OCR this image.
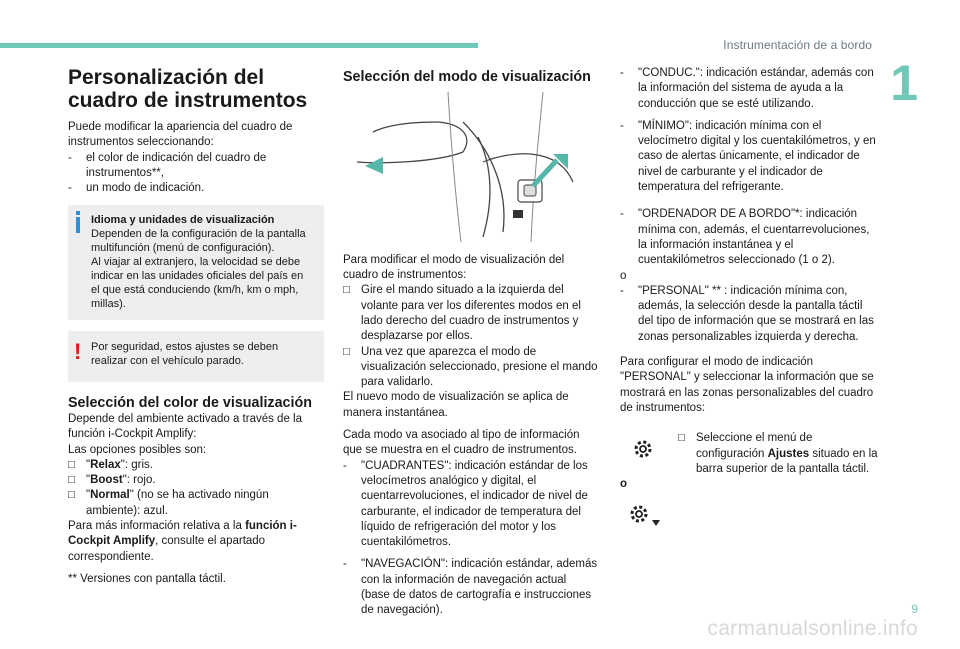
Instrumentación de a bordo
1
Personalización del cuadro de instrumentos

Puede modificar la apariencia del cuadro de instrumentos seleccionando:

-	el color de indicación del cuadro de instrumentos**,
-	un modo de indicación.

Idioma y unidades de visualización

Dependen de la configuración de la pantalla multifunción (menú de configuración).

Al viajar al extranjero, la velocidad se debe indicar en las unidades oficiales del país en el que está conduciendo (km/h, km o mph, millas).

! Por seguridad, estos ajustes se deben realizar con el vehículo parado.

Selección del color de visualización

Depende del ambiente activado a través de la función i-Cockpit Amplify:

Las opciones posibles son:

□ "Relax": gris.
□ "Boost": rojo.
□ "Normal" (no se ha activado ningún ambiente): azul.

Para más información relativa a la función i-Cockpit Amplify, consulte el apartado correspondiente.

** Versiones con pantalla táctil.

Selección del modo de visualización

Para modificar el modo de visualización del cuadro de instrumentos:

□ Gire el mando situado a la izquierda del volante para ver los diferentes modos en el lado derecho del cuadro de instrumentos y desplazarse por ellos.
□ Una vez que aparezca el modo de visualización seleccionado, presione el mando para validarlo.

El nuevo modo de visualización se aplica de manera instantánea.

Cada modo va asociado al tipo de información que se muestra en el cuadro de instrumentos.

-	"CUADRANTES": indicación estándar de los velocímetros analógico y digital, el cuentarrevoluciones, el indicador de nivel de carburante, el indicador de temperatura del líquido de refrigeración del motor y los cuentakilómetros.
-	"NAVEGACIÓN": indicación estándar, además con la información de navegación actual (base de datos de cartografía e instrucciones de navegación).
-	"CONDUC.": indicación estándar, además con la información del sistema de ayuda a la conducción que se esté utilizando.
-	"MÍNIMO": indicación mínima con el velocímetro digital y los cuentakilómetros, y en caso de alertas únicamente, el indicador de nivel de carburante y el indicador de temperatura del refrigerante.
-	"ORDENADOR DE A BORDO"*: indicación mínima con, además, el cuentarrevoluciones, la información instantánea y el cuentakilómetros seleccionado (1 o 2).

o

-	"PERSONAL" ** : indicación mínima con, además, la selección desde la pantalla táctil del tipo de información que se mostrará en las zonas personalizables izquierda y derecha.

Para configurar el modo de indicación "PERSONAL" y seleccionar la información que se mostrará en las zonas personalizables del cuadro de instrumentos:

o
□ Seleccione el menú de configuración Ajustes situado en la barra superior de la pantalla táctil.
9
carmanualsonline.info
